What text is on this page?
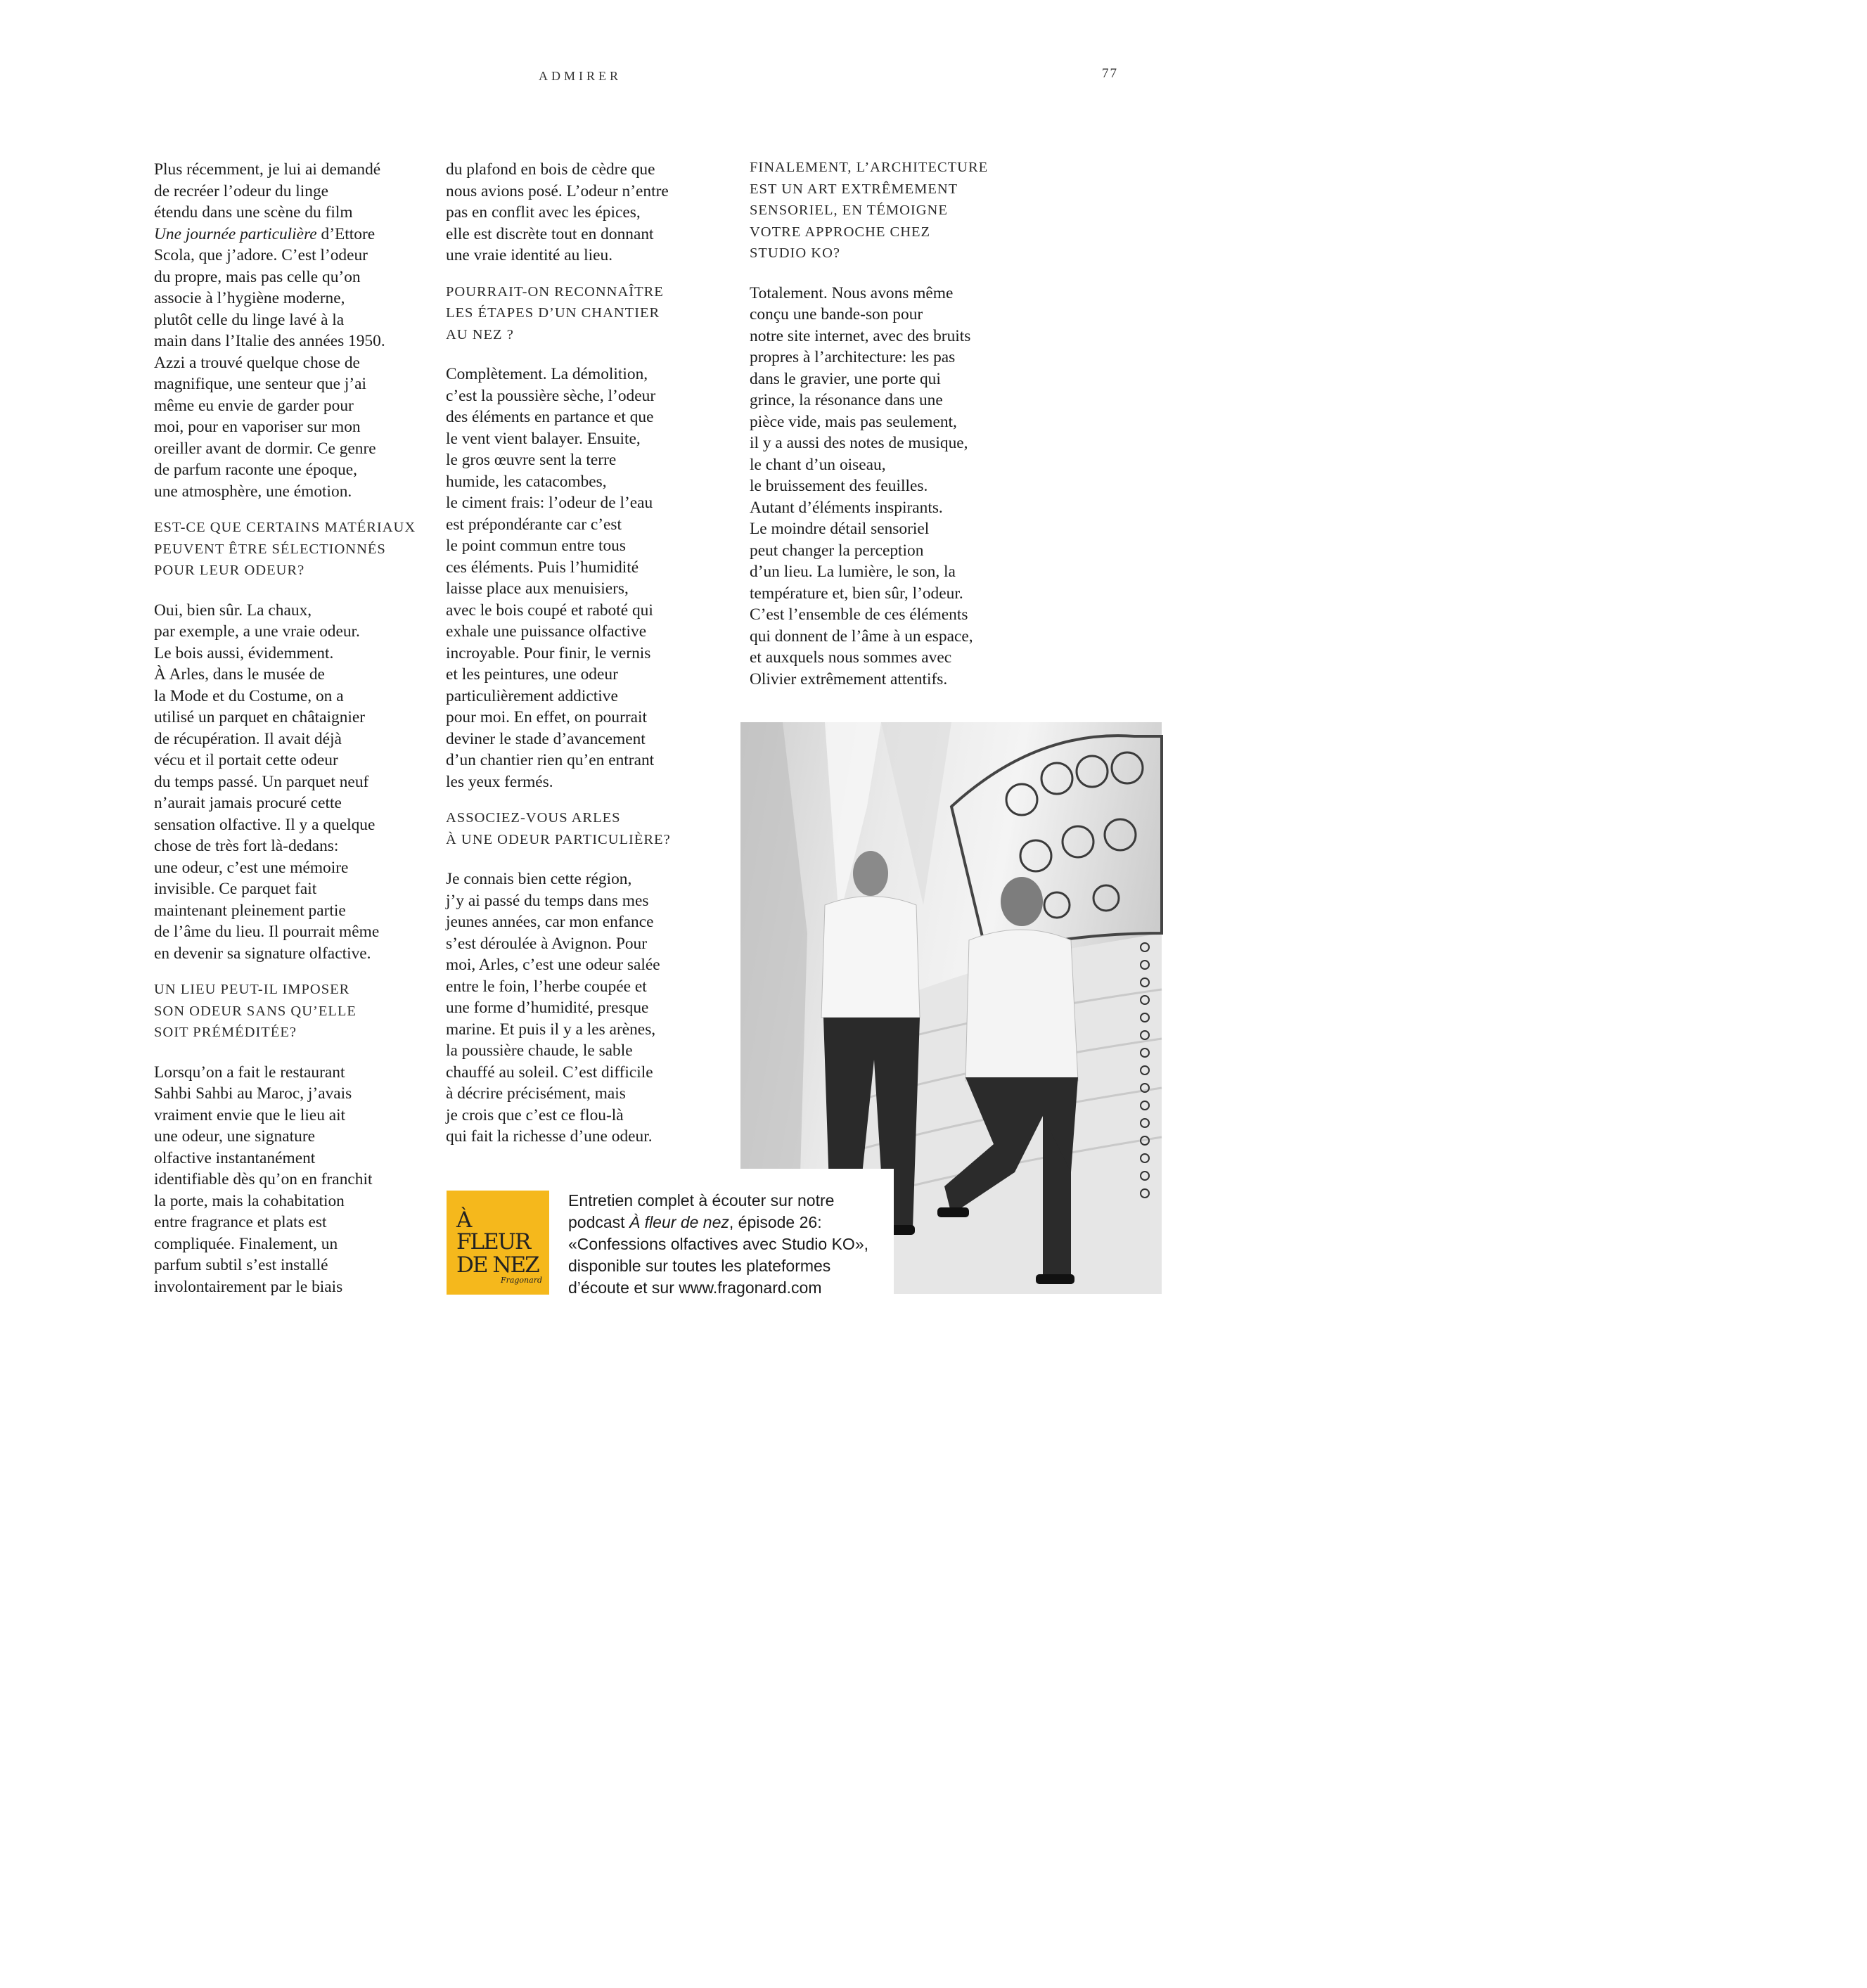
ADMIRER	77

Plus récemment, je lui ai demandé
de recréer l’odeur du linge
étendu dans une scène du film
Une journée particulière d’Ettore
Scola, que j’adore. C’est l’odeur
du propre, mais pas celle qu’on
associe à l’hygiène moderne,
plutôt celle du linge lavé à la
main dans l’Italie des années 1950.
Azzi a trouvé quelque chose de
magnifique, une senteur que j’ai
même eu envie de garder pour
moi, pour en vaporiser sur mon
oreiller avant de dormir. Ce genre
de parfum raconte une époque,
une atmosphère, une émotion.

EST-CE QUE CERTAINS MATÉRIAUX
PEUVENT ÊTRE SÉLECTIONNÉS
POUR LEUR ODEUR?

Oui, bien sûr. La chaux,
par exemple, a une vraie odeur.
Le bois aussi, évidemment.
À Arles, dans le musée de
la Mode et du Costume, on a
utilisé un parquet en châtaignier
de récupération. Il avait déjà
vécu et il portait cette odeur
du temps passé. Un parquet neuf
n’aurait jamais procuré cette
sensation olfactive. Il y a quelque
chose de très fort là-dedans:
une odeur, c’est une mémoire
invisible. Ce parquet fait
maintenant pleinement partie
de l’âme du lieu. Il pourrait même
en devenir sa signature olfactive.

UN LIEU PEUT-IL IMPOSER
SON ODEUR SANS QU’ELLE
SOIT PRÉMÉDITÉE?

Lorsqu’on a fait le restaurant
Sahbi Sahbi au Maroc, j’avais
vraiment envie que le lieu ait
une odeur, une signature
olfactive instantanément
identifiable dès qu’on en franchit
la porte, mais la cohabitation
entre fragrance et plats est
compliquée. Finalement, un
parfum subtil s’est installé
involontairement par le biais

du plafond en bois de cèdre que
nous avions posé. L’odeur n’entre
pas en conflit avec les épices,
elle est discrète tout en donnant
une vraie identité au lieu.

POURRAIT-ON RECONNAÎTRE
LES ÉTAPES D’UN CHANTIER
AU NEZ ?

Complètement. La démolition,
c’est la poussière sèche, l’odeur
des éléments en partance et que
le vent vient balayer. Ensuite,
le gros œuvre sent la terre
humide, les catacombes,
le ciment frais: l’odeur de l’eau
est prépondérante car c’est
le point commun entre tous
ces éléments. Puis l’humidité
laisse place aux menuisiers,
avec le bois coupé et raboté qui
exhale une puissance olfactive
incroyable. Pour finir, le vernis
et les peintures, une odeur
particulièrement addictive
pour moi. En effet, on pourrait
deviner le stade d’avancement
d’un chantier rien qu’en entrant
les yeux fermés.

ASSOCIEZ-VOUS ARLES
À UNE ODEUR PARTICULIÈRE?

Je connais bien cette région,
j’y ai passé du temps dans mes
jeunes années, car mon enfance
s’est déroulée à Avignon. Pour
moi, Arles, c’est une odeur salée
entre le foin, l’herbe coupée et
une forme d’humidité, presque
marine. Et puis il y a les arènes,
la poussière chaude, le sable
chauffé au soleil. C’est difficile
à décrire précisément, mais
je crois que c’est ce flou-là
qui fait la richesse d’une odeur.

FINALEMENT, L’ARCHITECTURE
EST UN ART EXTRÊMEMENT
SENSORIEL, EN TÉMOIGNE
VOTRE APPROCHE CHEZ
STUDIO KO?

Totalement. Nous avons même
conçu une bande-son pour
notre site internet, avec des bruits
propres à l’architecture: les pas
dans le gravier, une porte qui
grince, la résonance dans une
pièce vide, mais pas seulement,
il y a aussi des notes de musique,
le chant d’un oiseau,
le bruissement des feuilles.
Autant d’éléments inspirants.
Le moindre détail sensoriel
peut changer la perception
d’un lieu. La lumière, le son, la
température et, bien sûr, l’odeur.
C’est l’ensemble de ces éléments
qui donnent de l’âme à un espace,
et auxquels nous sommes avec
Olivier extrêmement attentifs.

@Hervé Hôte
À
FLEUR
DE NEZ
Fragonard
Entretien complet à écouter sur notre
podcast À fleur de nez, épisode 26:
«Confessions olfactives avec Studio KO»,
disponible sur toutes les plateformes
d’écoute et sur www.fragonard.com
